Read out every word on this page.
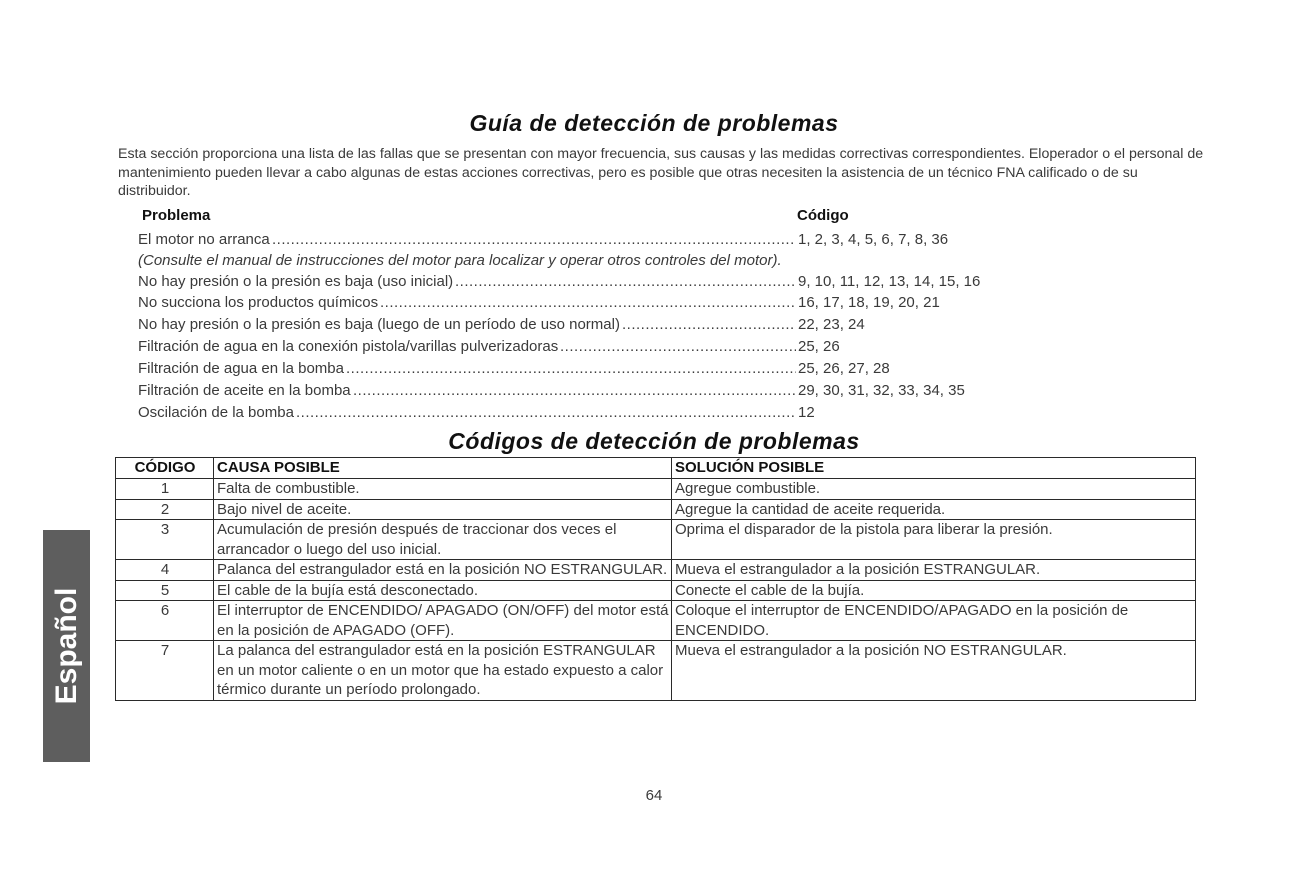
Guía de detección de problemas
Esta sección proporciona una lista de las fallas que se presentan con mayor frecuencia, sus causas y las medidas correctivas correspondientes. Eloperador o el personal de mantenimiento pueden llevar a cabo algunas de estas acciones correctivas, pero es posible que otras necesiten la asistencia de un técnico FNA calificado o de su distribuidor.
Problema	Código
El motor no arranca .....	1, 2, 3, 4, 5, 6, 7, 8, 36
(Consulte el manual de instrucciones del motor para localizar y operar otros controles del motor).
No hay presión o la presión es baja (uso inicial) .....	9, 10, 11, 12, 13, 14, 15, 16
No succiona los productos químicos .....	16, 17, 18, 19, 20, 21
No hay presión o la presión es baja (luego de un período de uso normal) .....	22, 23, 24
Filtración de agua en la conexión pistola/varillas pulverizadoras .....	25, 26
Filtración de agua en la bomba .....	25, 26, 27, 28
Filtración de aceite en la bomba .....	29, 30, 31, 32, 33, 34, 35
Oscilación de la bomba .....	12
Códigos de detección de problemas
CÓDIGO	CAUSA POSIBLE	SOLUCIÓN POSIBLE
1	Falta de combustible.	Agregue combustible.
2	Bajo nivel de aceite.	Agregue la cantidad de aceite requerida.
3	Acumulación de presión después de traccionar dos veces el arrancador o luego del uso inicial.	Oprima el disparador de la pistola para liberar la presión.
4	Palanca del estrangulador está en la posición NO ESTRANGULAR.	Mueva el estrangulador a la posición ESTRANGULAR.
5	El cable de la bujía está desconectado.	Conecte el cable de la bujía.
6	El interruptor de ENCENDIDO/ APAGADO (ON/OFF) del motor está en la posición de APAGADO (OFF).	Coloque el interruptor de ENCENDIDO/APAGADO en la posición de ENCENDIDO.
7	La palanca del estrangulador está en la posición ESTRANGULAR en un motor caliente o en un motor que ha estado expuesto a calor térmico durante un período prolongado.	Mueva el estrangulador a la posición NO ESTRANGULAR.
Español
64
